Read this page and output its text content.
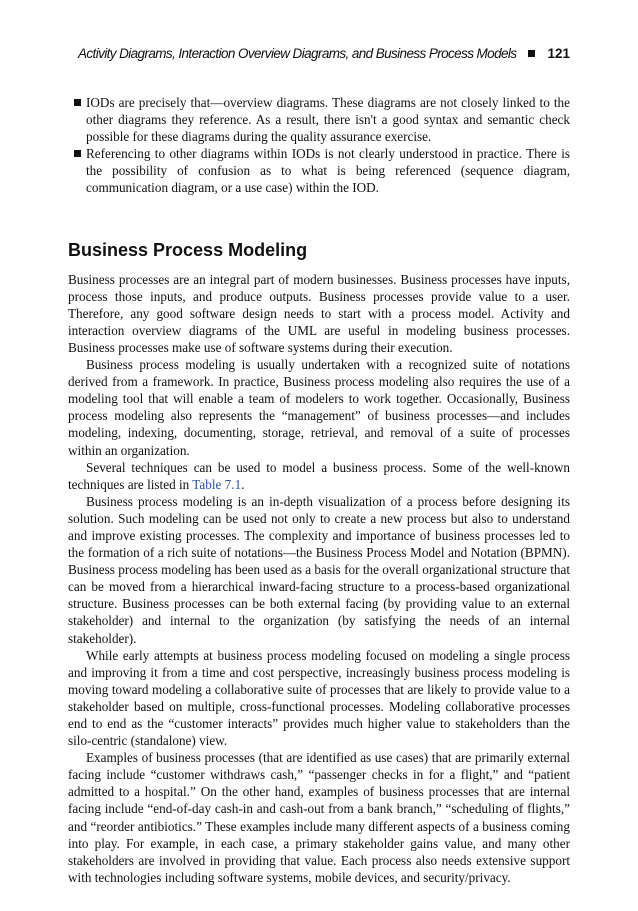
Activity Diagrams, Interaction Overview Diagrams, and Business Process Models 121
IODs are precisely that—overview diagrams. These diagrams are not closely linked to the other diagrams they reference. As a result, there isn't a good syntax and semantic check possible for these diagrams during the quality assurance exercise.
Referencing to other diagrams within IODs is not clearly understood in practice. There is the possibility of confusion as to what is being referenced (sequence diagram, communication diagram, or a use case) within the IOD.
Business Process Modeling

Business processes are an integral part of modern businesses. Business processes have inputs, process those inputs, and produce outputs. Business processes provide value to a user. Therefore, any good software design needs to start with a process model. Activity and interaction overview diagrams of the UML are useful in modeling business processes. Business processes make use of software systems during their execution.

Business process modeling is usually undertaken with a recognized suite of notations derived from a framework. In practice, Business process modeling also requires the use of a modeling tool that will enable a team of modelers to work together. Occasionally, Business process modeling also represents the “management” of business processes—and includes modeling, indexing, documenting, storage, retrieval, and removal of a suite of processes within an organization.

Several techniques can be used to model a business process. Some of the well-known techniques are listed in Table 7.1.

Business process modeling is an in-depth visualization of a process before designing its solution. Such modeling can be used not only to create a new process but also to understand and improve existing processes. The complexity and importance of business processes led to the formation of a rich suite of notations—the Business Process Model and Notation (BPMN). Business process modeling has been used as a basis for the overall organizational structure that can be moved from a hierarchical inward-facing structure to a process-based organizational structure. Business processes can be both external facing (by providing value to an external stakeholder) and internal to the organization (by satisfying the needs of an internal stakeholder).

While early attempts at business process modeling focused on modeling a single process and improving it from a time and cost perspective, increasingly business process modeling is moving toward modeling a collaborative suite of processes that are likely to provide value to a stakeholder based on multiple, cross-functional processes. Modeling collaborative processes end to end as the “customer interacts” provides much higher value to stakeholders than the silo-centric (standalone) view.

Examples of business processes (that are identified as use cases) that are primarily external facing include “customer withdraws cash,” “passenger checks in for a flight,” and “patient admitted to a hospital.” On the other hand, examples of business processes that are internal facing include “end-of-day cash-in and cash-out from a bank branch,” “scheduling of flights,” and “reorder antibiotics.” These examples include many different aspects of a business coming into play. For example, in each case, a primary stakeholder gains value, and many other stakeholders are involved in providing that value. Each process also needs extensive support with technologies including software systems, mobile devices, and security/privacy.
